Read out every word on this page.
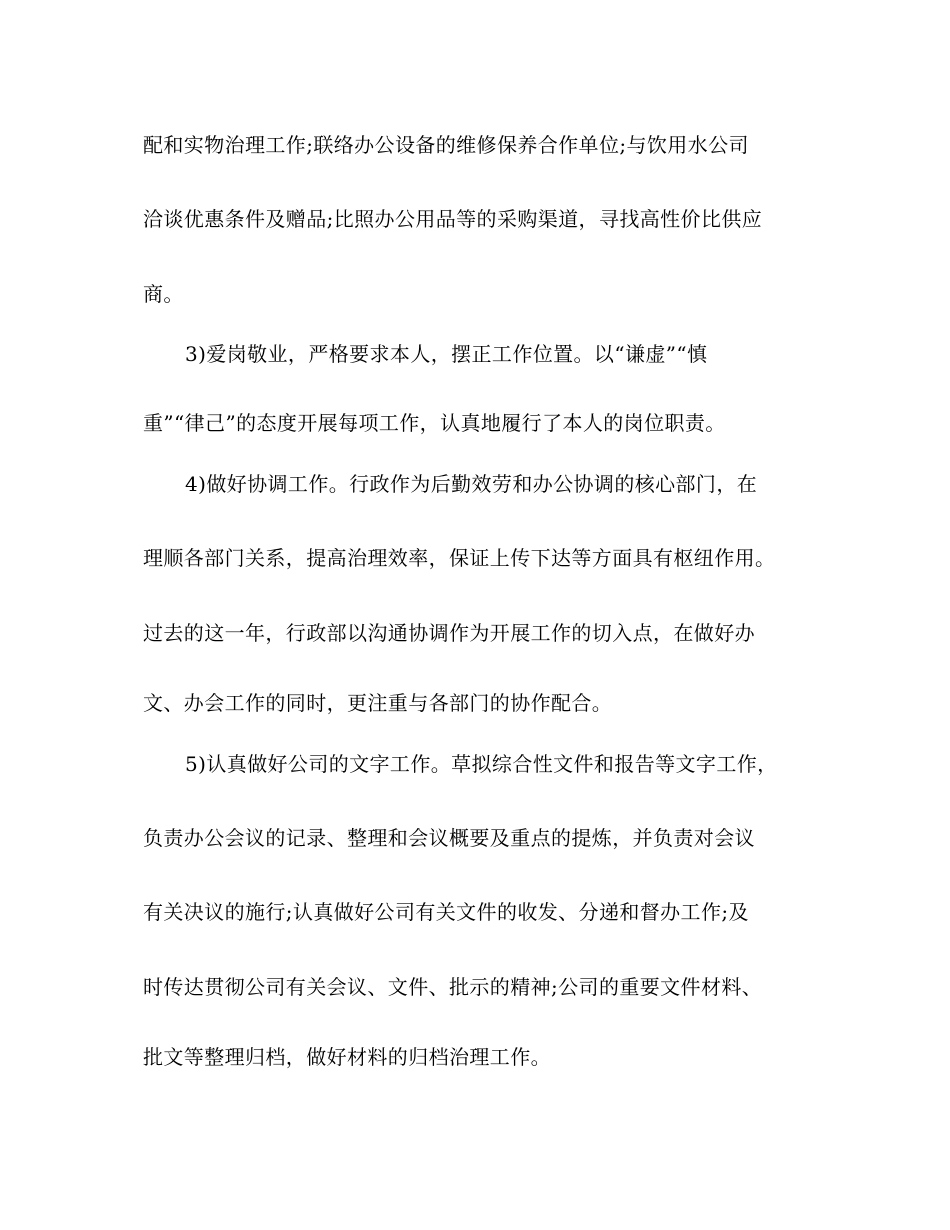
配和实物治理工作;联络办公设备的维修保养合作单位;与饮用水公司
洽谈优惠条件及赠品;比照办公用品等的采购渠道，寻找高性价比供应
商。
3)爱岗敬业，严格要求本人，摆正工作位置。以“谦虚”“慎
重”“律己”的态度开展每项工作，认真地履行了本人的岗位职责。
4)做好协调工作。行政作为后勤效劳和办公协调的核心部门，在
理顺各部门关系，提高治理效率，保证上传下达等方面具有枢纽作用。
过去的这一年，行政部以沟通协调作为开展工作的切入点，在做好办
文、办会工作的同时，更注重与各部门的协作配合。
5)认真做好公司的文字工作。草拟综合性文件和报告等文字工作，
负责办公会议的记录、整理和会议概要及重点的提炼，并负责对会议
有关决议的施行;认真做好公司有关文件的收发、分递和督办工作;及
时传达贯彻公司有关会议、文件、批示的精神;公司的重要文件材料、
批文等整理归档，做好材料的归档治理工作。
